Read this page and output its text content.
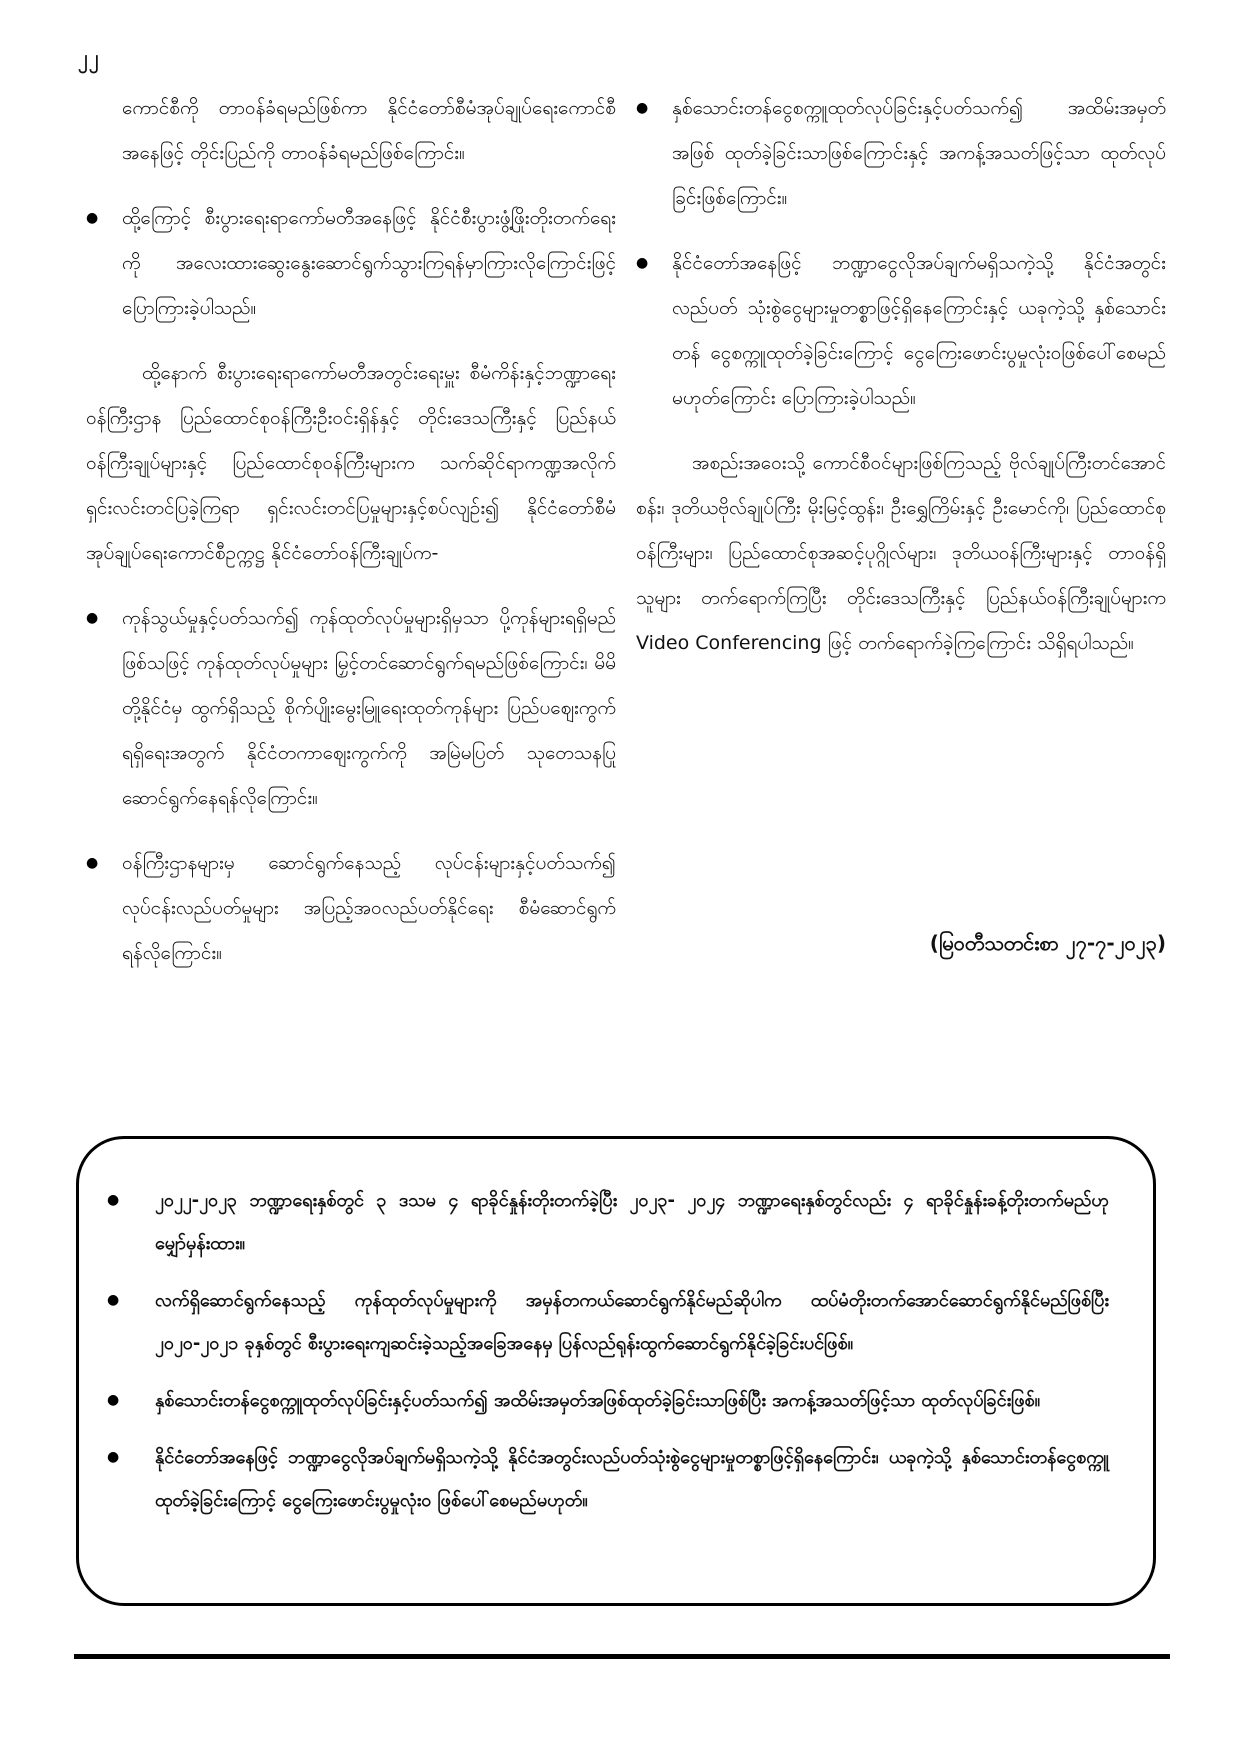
၂၂

ကောင်စီကို တာဝန်ခံရမည်ဖြစ်ကာ နိုင်ငံတော်စီမံအုပ်ချုပ်ရေးကောင်စီအနေဖြင့် တိုင်းပြည်ကို တာဝန်ခံရမည်ဖြစ်ကြောင်း။

●	ထို့ကြောင့် စီးပွားရေးရာကော်မတီအနေဖြင့် နိုင်ငံစီးပွားဖွံ့ဖြိုးတိုးတက်ရေးကို အလေးထားဆွေးနွေးဆောင်ရွက်သွားကြရန်မှာကြားလိုကြောင်းဖြင့် ပြောကြားခဲ့ပါသည်။

ထို့နောက် စီးပွားရေးရာကော်မတီအတွင်းရေးမှူး စီမံကိန်းနှင့်ဘဏ္ဍာရေးဝန်ကြီးဌာန ပြည်ထောင်စုဝန်ကြီးဦးဝင်းရှိန်နှင့် တိုင်းဒေသကြီးနှင့် ပြည်နယ်ဝန်ကြီးချုပ်များနှင့် ပြည်ထောင်စုဝန်ကြီးများက သက်ဆိုင်ရာကဏ္ဍအလိုက် ရှင်းလင်းတင်ပြခဲ့ကြရာ ရှင်းလင်းတင်ပြမှုများနှင့်စပ်လျဉ်း၍ နိုင်ငံတော်စီမံအုပ်ချုပ်ရေးကောင်စီဥက္ကဋ္ဌ နိုင်ငံတော်ဝန်ကြီးချုပ်က-

●	ကုန်သွယ်မှုနှင့်ပတ်သက်၍ ကုန်ထုတ်လုပ်မှုများရှိမှသာ ပို့ကုန်များရရှိမည် ဖြစ်သဖြင့် ကုန်ထုတ်လုပ်မှုများ မြှင့်တင်ဆောင်ရွက်ရမည်ဖြစ်ကြောင်း၊ မိမိတို့နိုင်ငံမှ ထွက်ရှိသည့် စိုက်ပျိုးမွေးမြူရေးထုတ်ကုန်များ ပြည်ပဈေးကွက်ရရှိရေးအတွက် နိုင်ငံတကာဈေးကွက်ကို အမြဲမပြတ် သုတေသနပြုဆောင်ရွက်နေရန်လိုကြောင်း။
●	ဝန်ကြီးဌာနများမှ ဆောင်ရွက်နေသည့် လုပ်ငန်းများနှင့်ပတ်သက်၍ လုပ်ငန်းလည်ပတ်မှုများ အပြည့်အဝလည်ပတ်နိုင်ရေး စီမံဆောင်ရွက်ရန်လိုကြောင်း။
●	နှစ်သောင်းတန်ငွေစက္ကူထုတ်လုပ်ခြင်းနှင့်ပတ်သက်၍ အထိမ်းအမှတ်အဖြစ် ထုတ်ခဲ့ခြင်းသာဖြစ်ကြောင်းနှင့် အကန့်အသတ်ဖြင့်သာ ထုတ်လုပ်ခြင်းဖြစ်ကြောင်း။
●	နိုင်ငံတော်အနေဖြင့် ဘဏ္ဍာငွေလိုအပ်ချက်မရှိသကဲ့သို့ နိုင်ငံအတွင်းလည်ပတ် သုံးစွဲငွေများမှုတစ္စာဖြင့်ရှိနေကြောင်းနှင့် ယခုကဲ့သို့ နှစ်သောင်းတန် ငွေစက္ကူထုတ်ခဲ့ခြင်းကြောင့် ငွေကြေးဖောင်းပွမှုလုံးဝဖြစ်ပေါ်စေမည်မဟုတ်ကြောင်း ပြောကြားခဲ့ပါသည်။

အစည်းအဝေးသို့ ကောင်စီဝင်များဖြစ်ကြသည့် ဗိုလ်ချုပ်ကြီးတင်အောင်စန်း၊ ဒုတိယဗိုလ်ချုပ်ကြီး မိုးမြင့်ထွန်း၊ ဦးရွှေကြိမ်းနှင့် ဦးမောင်ကို၊ ပြည်ထောင်စုဝန်ကြီးများ၊ ပြည်ထောင်စုအဆင့်ပုဂ္ဂိုလ်များ၊ ဒုတိယဝန်ကြီးများနှင့် တာဝန်ရှိသူများ တက်ရောက်ကြပြီး တိုင်းဒေသကြီးနှင့် ပြည်နယ်ဝန်ကြီးချုပ်များက Video Conferencing ဖြင့် တက်ရောက်ခဲ့ကြကြောင်း သိရှိရပါသည်။

(မြဝတီသတင်းစာ ၂၇-၇-၂၀၂၃)
●	၂၀၂၂-၂၀၂၃ ဘဏ္ဍာရေးနှစ်တွင် ၃ ဒသမ ၄ ရာခိုင်နှုန်းတိုးတက်ခဲ့ပြီး ၂၀၂၃- ၂၀၂၄ ဘဏ္ဍာရေးနှစ်တွင်လည်း ၄ ရာခိုင်နှုန်းခန့်တိုးတက်မည်ဟု မျှော်မှန်းထား။
●	လက်ရှိဆောင်ရွက်နေသည့် ကုန်ထုတ်လုပ်မှုများကို အမှန်တကယ်ဆောင်ရွက်နိုင်မည်ဆိုပါက ထပ်မံတိုးတက်အောင်ဆောင်ရွက်နိုင်မည်ဖြစ်ပြီး ၂၀၂၀-၂၀၂၁ ခုနှစ်တွင် စီးပွားရေးကျဆင်းခဲ့သည့်အခြေအနေမှ ပြန်လည်ရုန်းထွက်ဆောင်ရွက်နိုင်ခဲ့ခြင်းပင်ဖြစ်။
●	နှစ်သောင်းတန်ငွေစက္ကူထုတ်လုပ်ခြင်းနှင့်ပတ်သက်၍ အထိမ်းအမှတ်အဖြစ်ထုတ်ခဲ့ခြင်းသာဖြစ်ပြီး အကန့်အသတ်ဖြင့်သာ ထုတ်လုပ်ခြင်းဖြစ်။
●	နိုင်ငံတော်အနေဖြင့် ဘဏ္ဍာငွေလိုအပ်ချက်မရှိသကဲ့သို့ နိုင်ငံအတွင်းလည်ပတ်သုံးစွဲငွေများမှုတစ္စာဖြင့်ရှိနေကြောင်း၊ ယခုကဲ့သို့ နှစ်သောင်းတန်ငွေစက္ကူထုတ်ခဲ့ခြင်းကြောင့် ငွေကြေးဖောင်းပွမှုလုံးဝ ဖြစ်ပေါ်စေမည်မဟုတ်။
